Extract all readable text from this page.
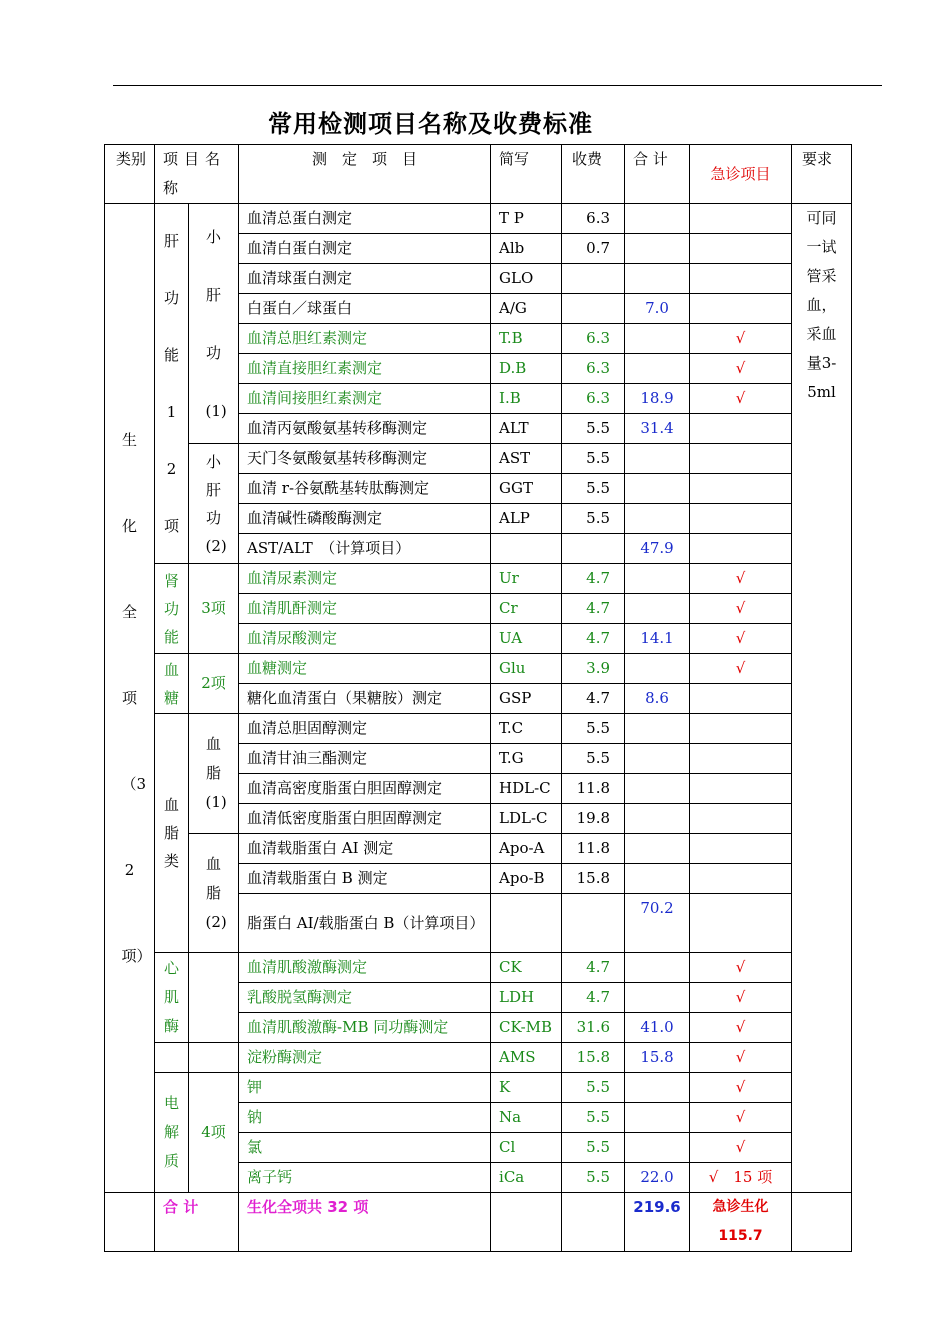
常用检测项目名称及收费标准
类别	项目名称		测　定　项　目	简写	收费	合 计	急诊项目	要求

生化全项（32项）	肝功能12项	小肝功(1)	血清总蛋白测定	T P	6.3			可同一试管采血，采血量3-5ml

			血清白蛋白测定	Alb	0.7			
			血清球蛋白测定	GLO				
			白蛋白／球蛋白	A/G		7.0		
			血清总胆红素测定	T.B	6.3		√	
			血清直接胆红素测定	D.B	6.3		√	
			血清间接胆红素测定	I.B	6.3	18.9	√	
			血清丙氨酸氨基转移酶测定	ALT	5.5	31.4		

		小肝功(2)	天门冬氨酸氨基转移酶测定	AST	5.5			
			血清 r-谷氨酰基转肽酶测定	GGT	5.5			
			血清碱性磷酸酶测定	ALP	5.5			
			AST/ALT　（计算项目）			47.9		

	肾功能	3项	血清尿素测定	Ur	4.7		√	
			血清肌酐测定	Cr	4.7		√	
			血清尿酸测定	UA	4.7	14.1	√	

	血糖	2项	血糖测定	Glu	3.9		√	
			糖化血清蛋白（果糖胺）测定	GSP	4.7	8.6		

	血脂类	血脂(1)	血清总胆固醇测定	T.C	5.5			
			血清甘油三酯测定	T.G	5.5			
			血清高密度脂蛋白胆固醇测定	HDL-C	11.8			
			血清低密度脂蛋白胆固醇测定	LDL-C	19.8			

		血脂(2)	血清载脂蛋白 AI 测定	Apo-A	11.8			
			血清载脂蛋白 B 测定	Apo-B	15.8			
			脂蛋白 AI/载脂蛋白 B（计算项目）			70.2		

	心肌酶		血清肌酸激酶测定	CK	4.7		√	
			乳酸脱氢酶测定	LDH	4.7		√	
			血清肌酸激酶-MB 同功酶测定	CK-MB	31.6	41.0	√	
			淀粉酶测定	AMS	15.8	15.8	√	

	电解质	4项	钾	K	5.5		√	
			钠	Na	5.5		√	
			氯	Cl	5.5		√	
			离子钙	iCa	5.5	22.0	√　15 项	
	合 计		生化全项共 32 项			219.6	急诊生化
115.7	
